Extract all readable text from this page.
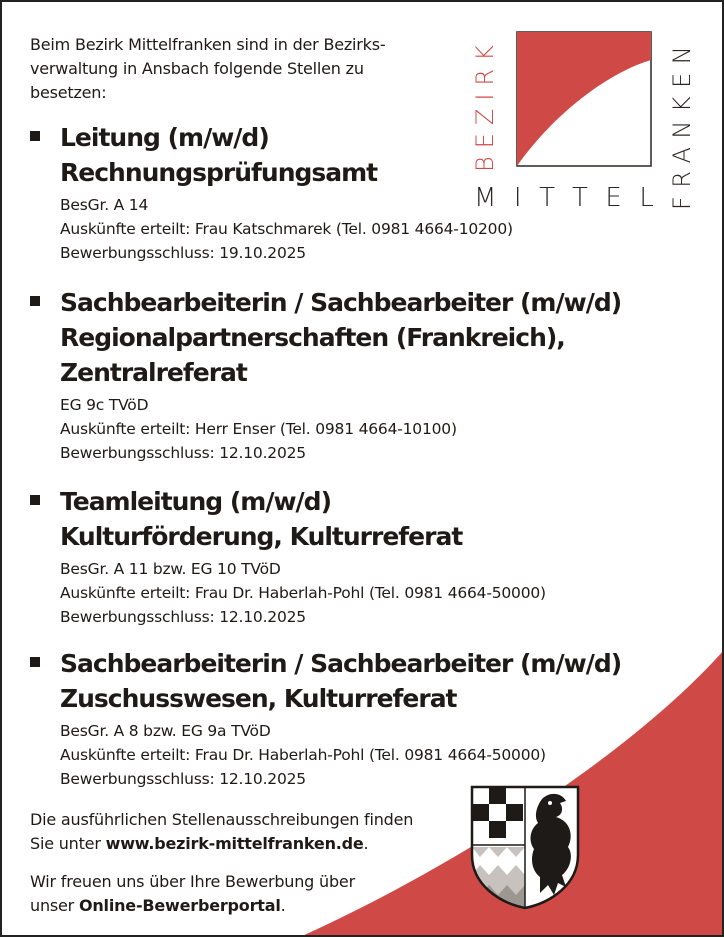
Beim Bezirk Mittelfranken sind in der Bezirks-
verwaltung in Ansbach folgende Stellen zu
besetzen:	BEZIRK
MITTEL
FRANKEN
Leitung (m/w/d)
Rechnungsprüfungsamt
BesGr. A 14
Auskünfte erteilt: Frau Katschmarek (Tel. 0981 4664-10200)
Bewerbungsschluss: 19.10.2025
Sachbearbeiterin / Sachbearbeiter (m/w/d)
Regionalpartnerschaften (Frankreich),
Zentralreferat
EG 9c TVöD
Auskünfte erteilt: Herr Enser (Tel. 0981 4664-10100)
Bewerbungsschluss: 12.10.2025
Teamleitung (m/w/d)
Kulturförderung, Kulturreferat
BesGr. A 11 bzw. EG 10 TVöD
Auskünfte erteilt: Frau Dr. Haberlah-Pohl (Tel. 0981 4664-50000)
Bewerbungsschluss: 12.10.2025
Sachbearbeiterin / Sachbearbeiter (m/w/d)
Zuschusswesen, Kulturreferat
BesGr. A 8 bzw. EG 9a TVöD
Auskünfte erteilt: Frau Dr. Haberlah-Pohl (Tel. 0981 4664-50000)
Bewerbungsschluss: 12.10.2025
Die ausführlichen Stellenausschreibungen finden
Sie unter www.bezirk-mittelfranken.de.
Wir freuen uns über Ihre Bewerbung über
unser Online-Bewerberportal.
